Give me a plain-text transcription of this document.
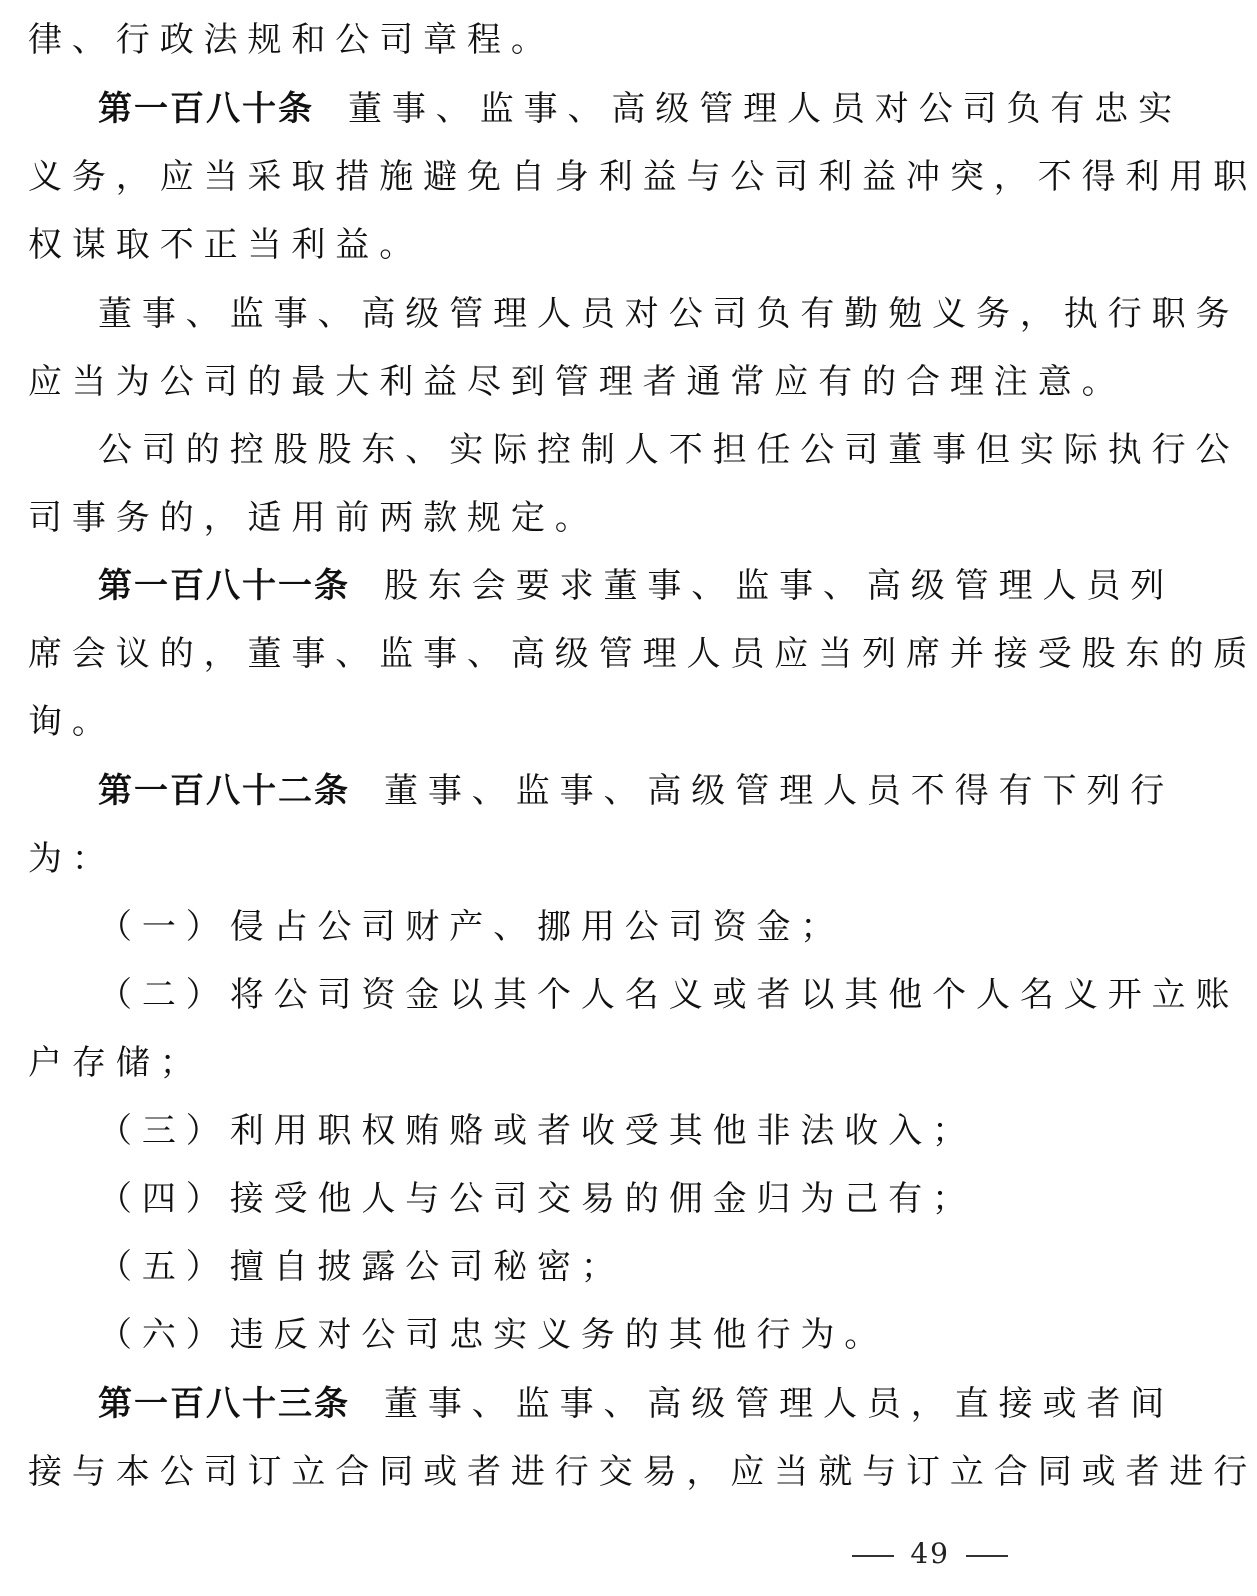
律、行政法规和公司章程。
第一百八十条 董事、监事、高级管理人员对公司负有忠实
义务，应当采取措施避免自身利益与公司利益冲突，不得利用职
权谋取不正当利益。
董事、监事、高级管理人员对公司负有勤勉义务，执行职务
应当为公司的最大利益尽到管理者通常应有的合理注意。
公司的控股股东、实际控制人不担任公司董事但实际执行公
司事务的，适用前两款规定。
第一百八十一条 股东会要求董事、监事、高级管理人员列
席会议的，董事、监事、高级管理人员应当列席并接受股东的质
询。
第一百八十二条 董事、监事、高级管理人员不得有下列行
为：
（一）侵占公司财产、挪用公司资金；
（二）将公司资金以其个人名义或者以其他个人名义开立账
户存储；
（三）利用职权贿赂或者收受其他非法收入；
（四）接受他人与公司交易的佣金归为己有；
（五）擅自披露公司秘密；
（六）违反对公司忠实义务的其他行为。
第一百八十三条 董事、监事、高级管理人员，直接或者间
接与本公司订立合同或者进行交易，应当就与订立合同或者进行
49
